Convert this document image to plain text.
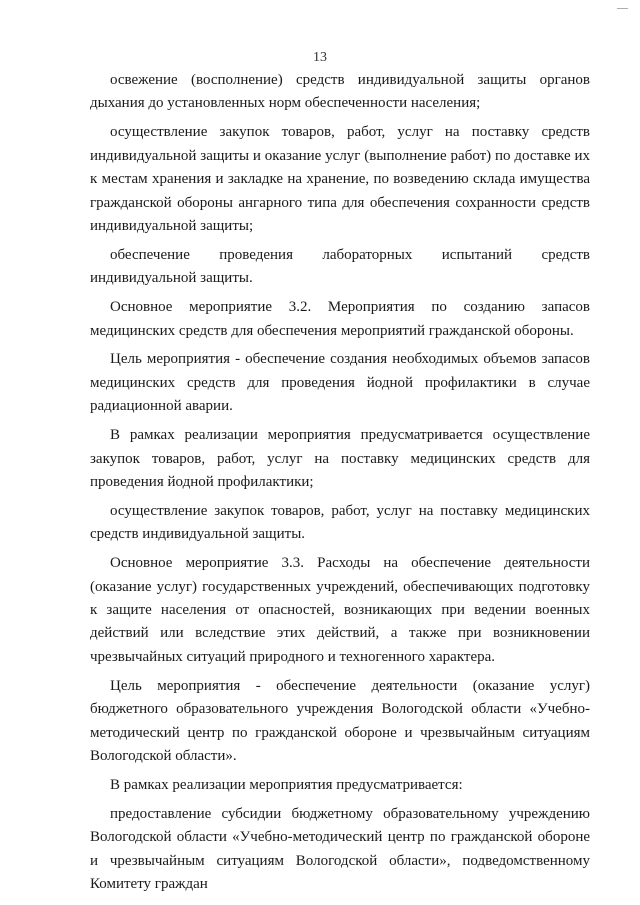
—
13

освежение (восполнение) средств индивидуальной защиты органов дыхания до установленных норм обеспеченности населения;

осуществление закупок товаров, работ, услуг на поставку средств индивидуальной защиты и оказание услуг (выполнение работ) по доставке их к местам хранения и закладке на хранение, по возведению склада имущества гражданской обороны ангарного типа для обеспечения сохранности средств индивидуальной защиты;

обеспечение проведения лабораторных испытаний средств индивидуальной защиты.

Основное мероприятие 3.2. Мероприятия по созданию запасов медицинских средств для обеспечения мероприятий гражданской обороны.

Цель мероприятия - обеспечение создания необходимых объемов запасов медицинских средств для проведения йодной профилактики в случае радиационной аварии.

В рамках реализации мероприятия предусматривается осуществление закупок товаров, работ, услуг на поставку медицинских средств для проведения йодной профилактики;

осуществление закупок товаров, работ, услуг на поставку медицинских средств индивидуальной защиты.

Основное мероприятие 3.3. Расходы на обеспечение деятельности (оказание услуг) государственных учреждений, обеспечивающих подготовку к защите населения от опасностей, возникающих при ведении военных действий или вследствие этих действий, а также при возникновении чрезвычайных ситуаций природного и техногенного характера.

Цель мероприятия - обеспечение деятельности (оказание услуг) бюджетного образовательного учреждения Вологодской области «Учебно-методический центр по гражданской обороне и чрезвычайным ситуациям Вологодской области».

В рамках реализации мероприятия предусматривается:

предоставление субсидии бюджетному образовательному учреждению Вологодской области «Учебно-методический центр по гражданской обороне и чрезвычайным ситуациям Вологодской области», подведомственному Комитету граждан
